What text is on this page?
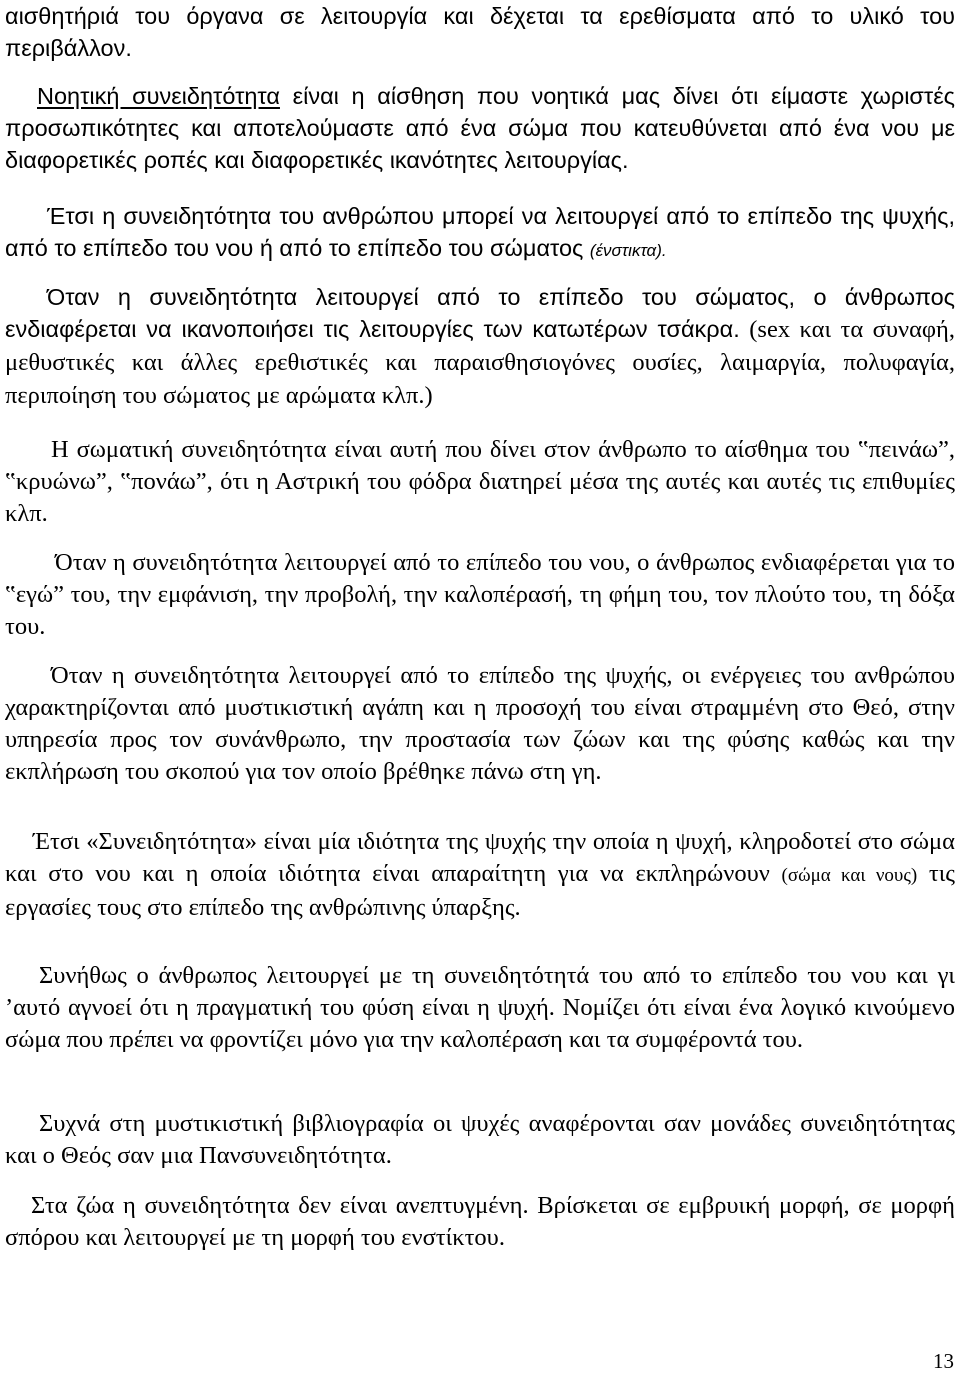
αισθητήριά του όργανα σε λειτουργία και δέχεται τα ερεθίσματα από το υλικό του περιβάλλον.

Νοητική συνειδητότητα είναι η αίσθηση που νοητικά μας δίνει ότι είμαστε χωριστές προσωπικότητες και αποτελούμαστε από ένα σώμα που κατευθύνεται από ένα νου με διαφορετικές ροπές και διαφορετικές ικανότητες λειτουργίας.

Έτσι η συνειδητότητα του ανθρώπου μπορεί να λειτουργεί από το επίπεδο της ψυχής, από το επίπεδο του νου ή από το επίπεδο του σώματος (ένστικτα).

Όταν η συνειδητότητα λειτουργεί από το επίπεδο του σώματος, ο άνθρωπος ενδιαφέρεται να ικανοποιήσει τις λειτουργίες των κατωτέρων τσάκρα. (sex και τα συναφή, μεθυστικές και άλλες ερεθιστικές και παραισθησιογόνες ουσίες, λαιμαργία, πολυφαγία, περιποίηση του σώματος με αρώματα κλπ.)

Η σωματική συνειδητότητα είναι αυτή που δίνει στον άνθρωπο το αίσθημα του ‟πεινάω”, ‟κρυώνω”, ‟πονάω”, ότι η Αστρική του φόδρα διατηρεί μέσα της αυτές και αυτές τις επιθυμίες κλπ.

Όταν η συνειδητότητα λειτουργεί από το επίπεδο του νου, ο άνθρωπος ενδιαφέρεται για το ‟εγώ” του, την εμφάνιση, την προβολή, την καλοπέρασή, τη φήμη του, τον πλούτο του, τη δόξα του.

Όταν η συνειδητότητα λειτουργεί από το επίπεδο της ψυχής, οι ενέργειες του ανθρώπου χαρακτηρίζονται από μυστικιστική αγάπη και η προσοχή του είναι στραμμένη στο Θεό, στην υπηρεσία προς τον συνάνθρωπο, την προστασία των ζώων και της φύσης καθώς και την εκπλήρωση του σκοπού για τον οποίο βρέθηκε πάνω στη γη.

Έτσι «Συνειδητότητα» είναι μία ιδιότητα της ψυχής την οποία η ψυχή, κληροδοτεί στο σώμα και στο νου και η οποία ιδιότητα είναι απαραίτητη για να εκπληρώνουν (σώμα και νους) τις εργασίες τους στο επίπεδο της ανθρώπινης ύπαρξης.

Συνήθως ο άνθρωπος λειτουργεί με τη συνειδητότητά του από το επίπεδο του νου και γι ’αυτό αγνοεί ότι η πραγματική του φύση είναι η ψυχή. Νομίζει ότι είναι ένα λογικό κινούμενο σώμα που πρέπει να φροντίζει μόνο για την καλοπέραση και τα συμφέροντά του.

Συχνά στη μυστικιστική βιβλιογραφία οι ψυχές αναφέρονται σαν μονάδες συνειδητότητας και ο Θεός σαν μια Πανσυνειδητότητα.

Στα ζώα η συνειδητότητα δεν είναι ανεπτυγμένη. Βρίσκεται σε εμβρυική μορφή, σε μορφή σπόρου και λειτουργεί με τη μορφή του ενστίκτου.

13
